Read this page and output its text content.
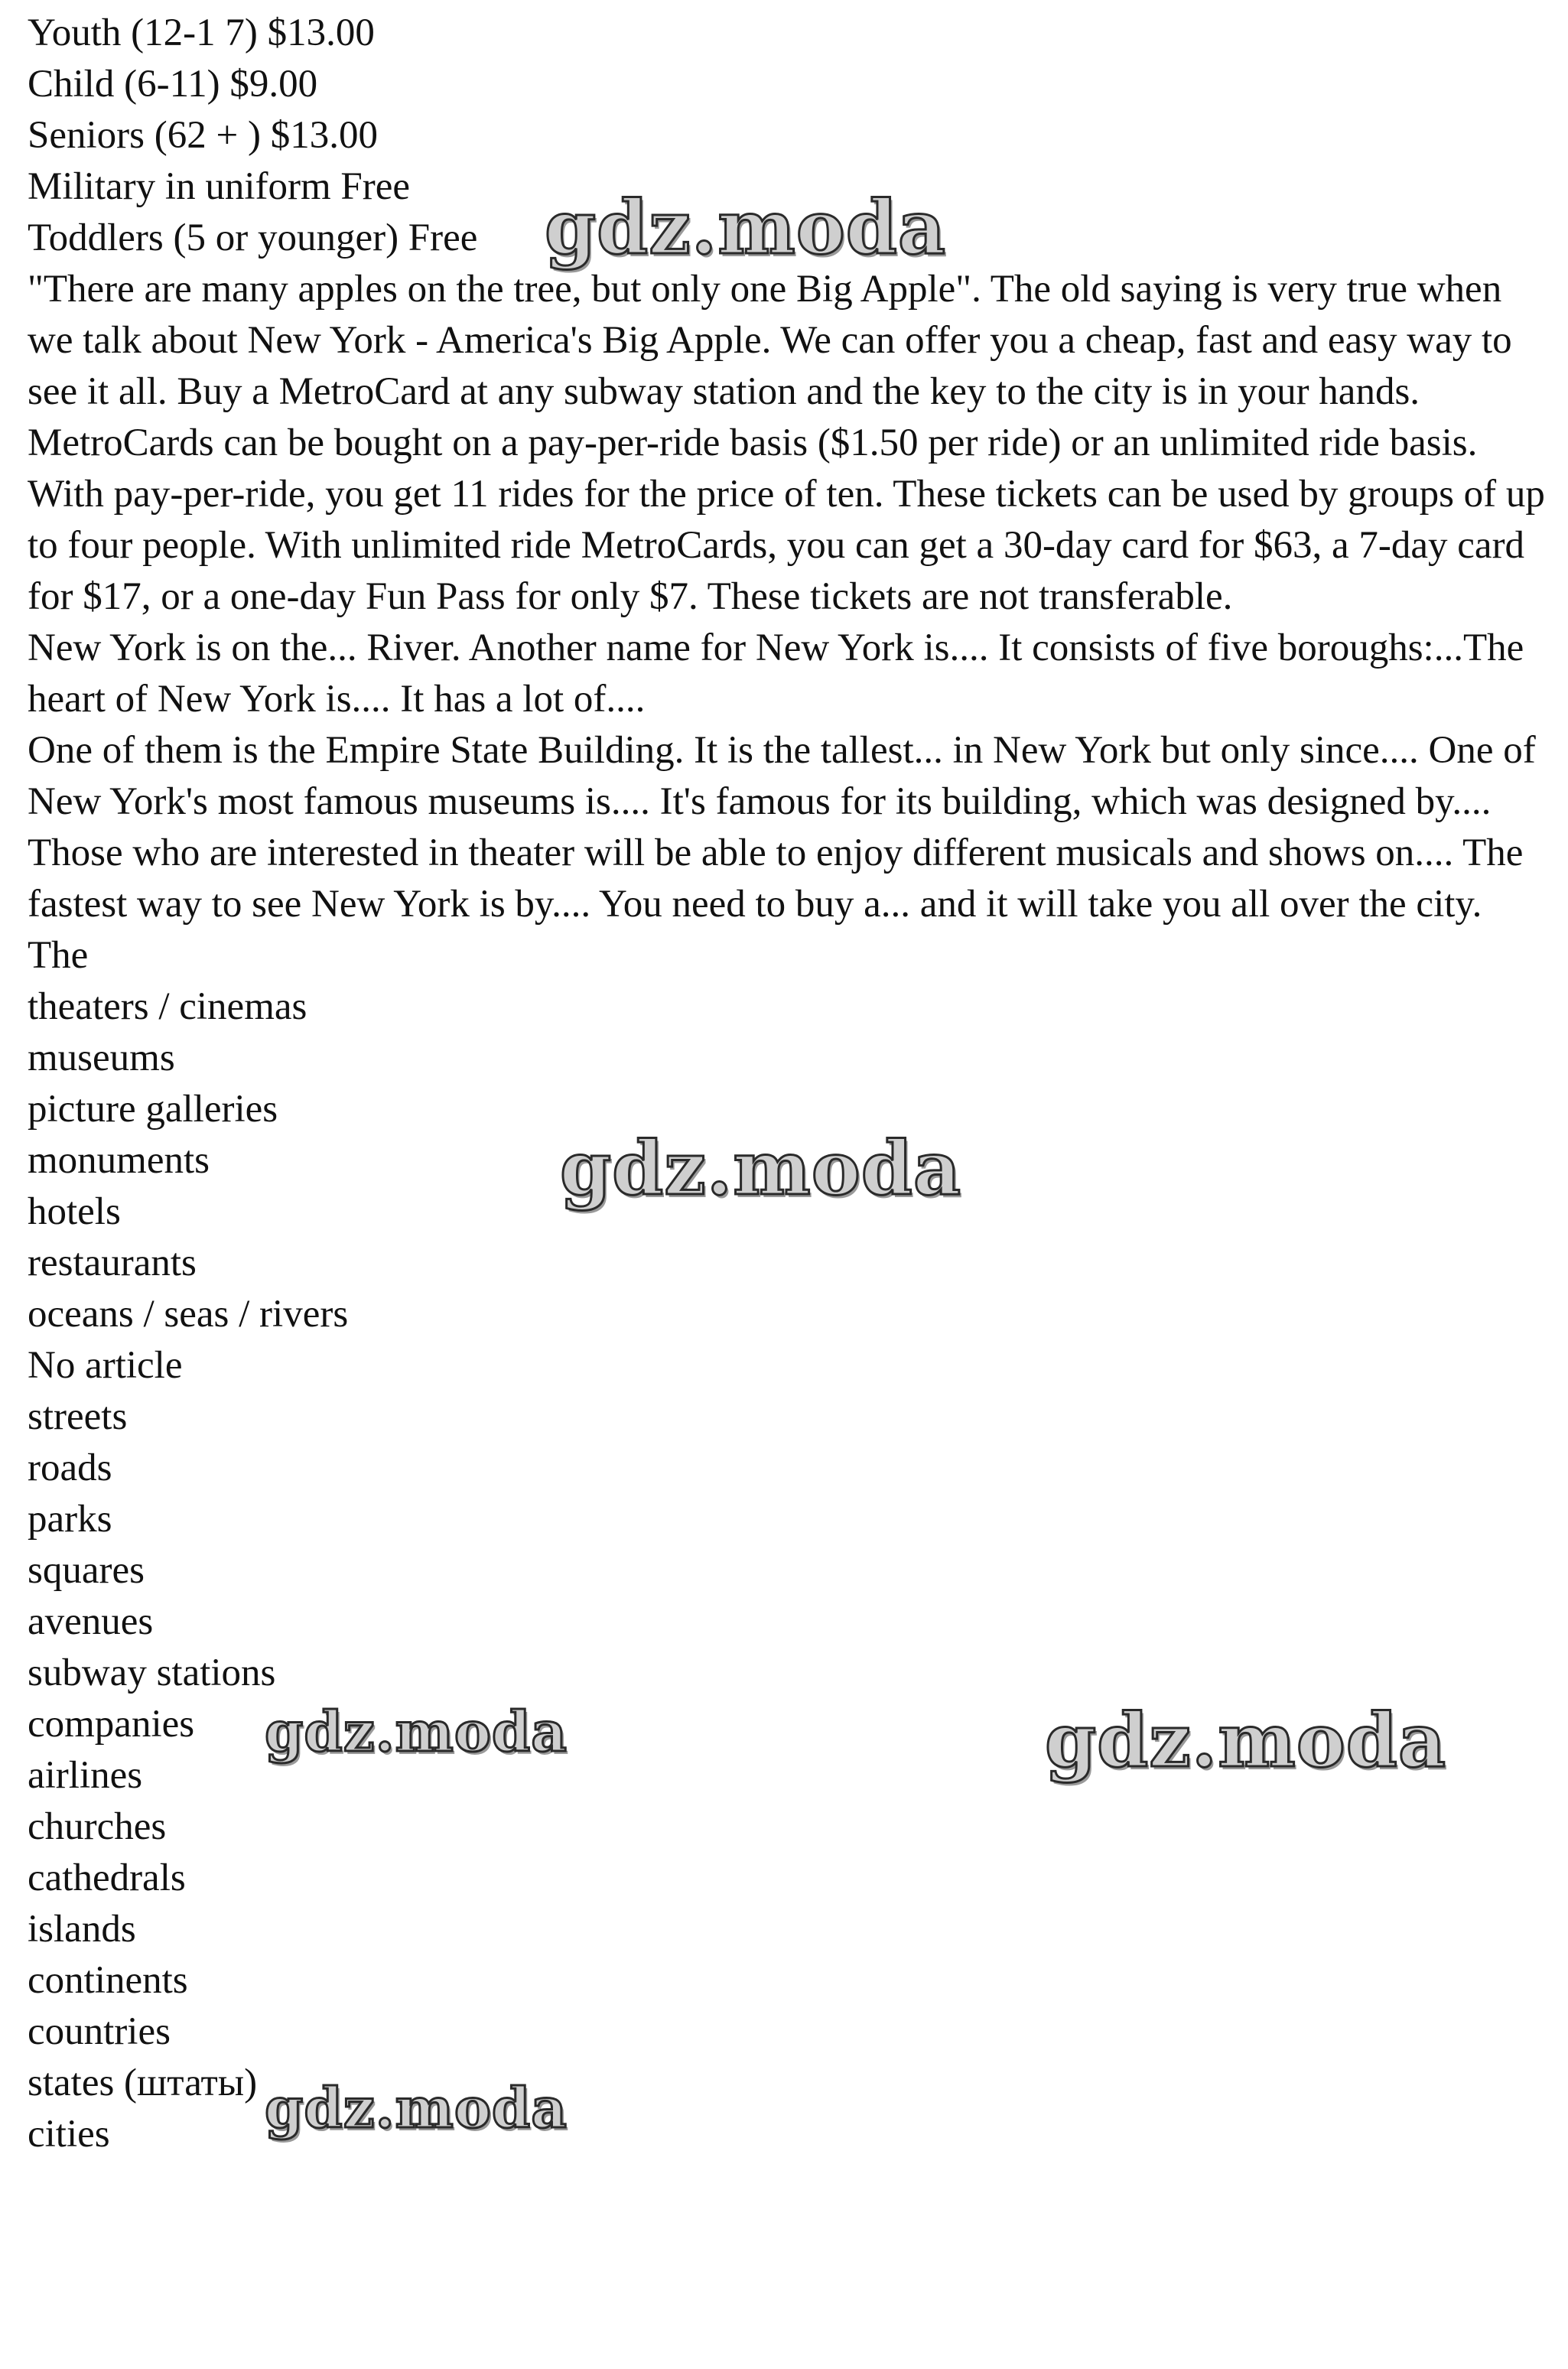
Youth (12-1 7) $13.00
Child (6-11) $9.00
Seniors (62 + ) $13.00
Military in uniform Free
Toddlers (5 or younger) Free
"There are many apples on the tree, but only one Big Apple". The old saying is very true when we talk about New York - America's Big Apple. We can offer you a cheap, fast and easy way to see it all. Buy a MetroCard at any subway station and the key to the city is in your hands.
MetroCards can be bought on a pay-per-ride basis ($1.50 per ride) or an unlimited ride basis. With pay-per-ride, you get 11 rides for the price of ten. These tickets can be used by groups of up to four people. With unlimited ride MetroCards, you can get a 30-day card for $63, a 7-day card for $17, or a one-day Fun Pass for only $7. These tickets are not transferable.
New York is on the... River. Another name for New York is.... It consists of five boroughs:...The heart of New York is.... It has a lot of....
One of them is the Empire State Building. It is the tallest... in New York but only since.... One of New York's most famous museums is.... It's famous for its building, which was designed by.... Those who are interested in theater will be able to enjoy different musicals and shows on.... The fastest way to see New York is by.... You need to buy a... and it will take you all over the city.
The
theaters / cinemas
museums
picture galleries
monuments
hotels
restaurants
oceans / seas / rivers
No article
streets
roads
parks
squares
avenues
subway stations
companies
airlines
churches
cathedrals
islands
continents
countries
states (штаты)
cities
gdz.moda
gdz.moda
gdz.moda	gdz.moda
gdz.moda
